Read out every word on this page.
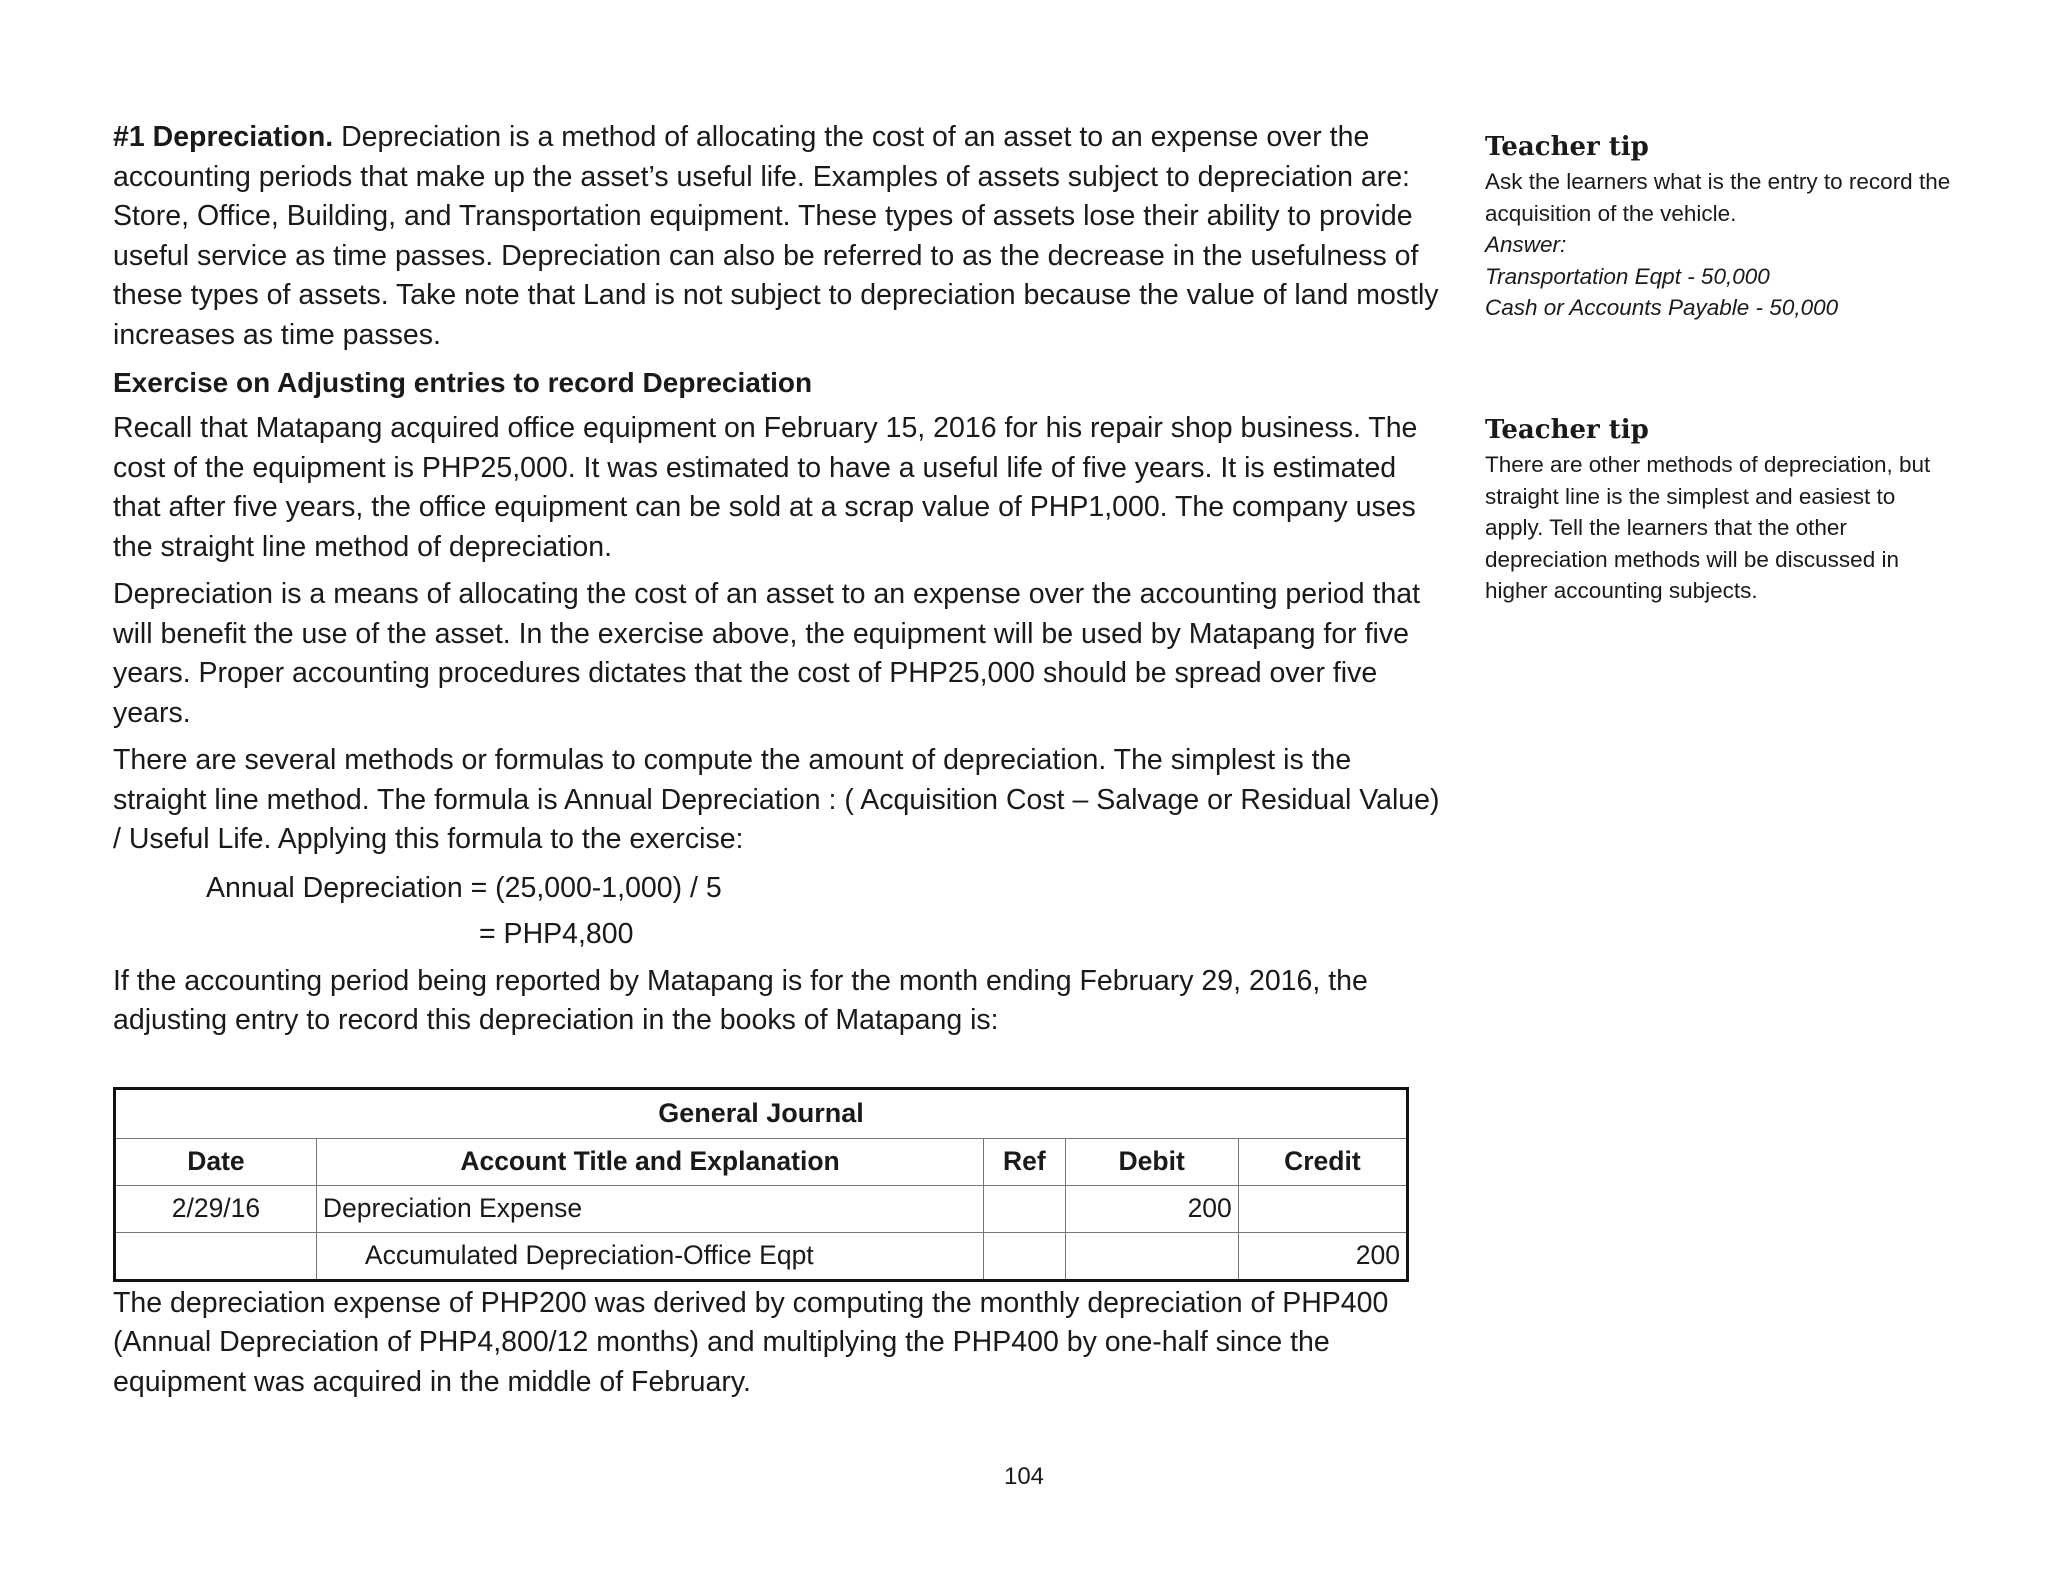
#1 Depreciation. Depreciation is a method of allocating the cost of an asset to an expense over the accounting periods that make up the asset’s useful life. Examples of assets subject to depreciation are: Store, Office, Building, and Transportation equipment. These types of assets lose their ability to provide useful service as time passes. Depreciation can also be referred to as the decrease in the usefulness of these types of assets. Take note that Land is not subject to depreciation because the value of land mostly increases as time passes.

Exercise on Adjusting entries to record Depreciation

Recall that Matapang acquired office equipment on February 15, 2016 for his repair shop business. The cost of the equipment is PHP25,000. It was estimated to have a useful life of five years. It is estimated that after five years, the office equipment can be sold at a scrap value of PHP1,000. The company uses the straight line method of depreciation.

Depreciation is a means of allocating the cost of an asset to an expense over the accounting period that will benefit the use of the asset. In the exercise above, the equipment will be used by Matapang for five years. Proper accounting procedures dictates that the cost of PHP25,000 should be spread over five years.

There are several methods or formulas to compute the amount of depreciation. The simplest is the straight line method. The formula is Annual Depreciation : ( Acquisition Cost – Salvage or Residual Value) / Useful Life. Applying this formula to the exercise:

Annual Depreciation = (25,000-1,000) / 5
= PHP4,800

If the accounting period being reported by Matapang is for the month ending February 29, 2016, the adjusting entry to record this depreciation in the books of Matapang is:

General Journal				
Date	Account Title and Explanation	Ref	Debit	Credit
2/29/16	Depreciation Expense		200	
	Accumulated Depreciation-Office Eqpt			200

The depreciation expense of PHP200 was derived by computing the monthly depreciation of PHP400 (Annual Depreciation of PHP4,800/12 months) and multiplying the PHP400 by one-half since the equipment was acquired in the middle of February.

Teacher tip

Ask the learners what is the entry to record the acquisition of the vehicle.
Answer:
Transportation Eqpt - 50,000
Cash or Accounts Payable - 50,000

Teacher tip

There are other methods of depreciation, but straight line is the simplest and easiest to apply. Tell the learners that the other depreciation methods will be discussed in higher accounting subjects.

104
